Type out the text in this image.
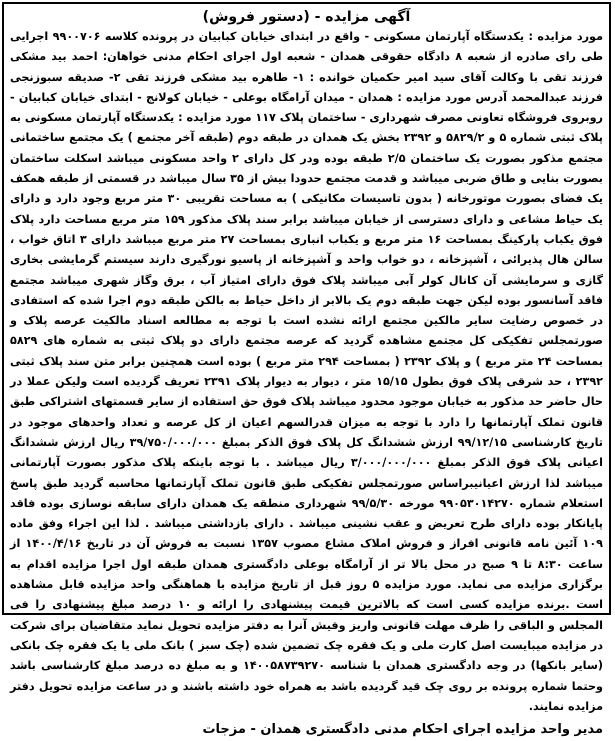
آگهی مزایده - (دستور فروش)

مورد مزایده : یکدستگاه آپارتمان مسکونی - واقع در ابتدای خیابان کبابیان در پرونده کلاسه ۹۹۰۰۷۰۶ اجرایی طی رای صادره از شعبه ۸ دادگاه حقوقی همدان - شعبه اول اجرای احکام مدنی خواهان: احمد بید مشکی فرزند تقی با وکالت آقای سید امیر حکمیان خوانده : ۱- طاهره بید مشکی فرزند تقی ۲- صدیقه سبوزنجی فرزند عبدالمحمد آدرس مورد مزایده : همدان - میدان آرامگاه بوعلی - خیابان کولانج - ابتدای خیابان کبابیان - روبروی فروشگاه تعاونی مصرف شهرداری - ساختمان پلاک ۱۱۷ مورد مزایده : یکدستگاه آپارتمان مسکونی به پلاک ثبتی شماره ۵ و ۵۸۲۹/۲ و ۲۳۹۲ بخش یک همدان در طبقه دوم (طبقه آخر مجتمع ) یک مجتمع ساختمانی مجتمع مذکور بصورت یک ساختمان ۲/۵ طبقه بوده ودر کل دارای ۲ واحد مسکونی میباشد اسکلت ساختمان بصورت بنایی و طاق ضربی میباشد و قدمت مجتمع حدودا بیش از ۳۵ سال میباشد در قسمتی از طبقه همکف یک فضای بصورت موتورخانه ( بدون تاسیسات مکانیکی ) به مساحت تقریبی ۳۰ متر مربع وجود دارد و دارای یک حیاط مشاعی و دارای دسترسی از خیابان میباشد برابر سند پلاک مذکور ۱۵۹ متر مربع مساحت دارد پلاک فوق یکباب پارکینگ بمساحت ۱۶ متر مربع و یکباب انباری بمساحت ۲۷ متر مربع میباشد دارای ۳ اتاق خواب ، سالن هال پذیرائی ، آشپزخانه ، دو خواب واحد و آشپزخانه از پاسیو نورگیری دارند سیستم گرمایشی بخاری گازی و سرمایشی آن کانال کولر آبی میباشد پلاک فوق دارای امتیاز آب ، برق وگاز شهری میباشد مجتمع فاقد آسانسور بوده لیکن جهت طبقه دوم یک بالابر از داخل حیاط به بالکن طبقه دوم اجرا شده که استفادی در خصوص رضایت سایر مالکین مجتمع ارائه نشده است با توجه به مطالعه اسناد مالکیت عرصه پلاک و صورتمجلس تفکیکی کل مجتمع مشاهده گردید که عرصه مجتمع دارای دو پلاک ثبتی به شماره های ۵۸۲۹ بمساحت ۲۴ متر مربع ) و پلاک ۲۳۹۲ ( بمساحت ۲۹۴ متر مربع ) بوده است همچنین برابر متن سند پلاک ثبتی ۲۳۹۲ ، حد شرقی پلاک فوق بطول ۱۵/۱۵ متر ، دیوار به دیوار پلاک ۲۳۹۱ تعریف گردیده است ولیکن عملا در حال حاضر حد مذکور به خیابان موجود محدود میباشد پلاک فوق حق استفاده از سایر قسمتهای اشتراکی طبق قانون تملک آپارتمانها را دارد با توجه به میزان قدرالسهم اعیان از کل عرصه و تعداد واحدهای موجود در تاریخ کارشناسی ۹۹/۱۲/۱۵ ارزش ششدانگ کل پلاک فوق الذکر بمبلغ ۳۹/۷۵۰/۰۰۰/۰۰۰ ریال ارزش ششدانگ اعیانی پلاک فوق الذکر بمبلغ ۳/۰۰۰/۰۰۰/۰۰۰ ریال میباشد . با توجه باینکه پلاک مذکور بصورت آپارتمانی میباشد لذا ارزش اعیانیبراساس صورتمجلس تفکیکی طبق قانون تملک آپارتمانها محاسبه گردید طبق پاسخ استعلام شماره ۹۹۰۵۳۰۱۴۲۷۰ مورخه ۹۹/۵/۳۰ شهرداری منطقه یک همدان دارای سابقه نوسازی بوده فاقد پایانکار بوده دارای طرح تعریض و عقب نشینی میباشد . دارای بازداشتی میباشد . لذا این اجراء وفق ماده ۱۰۹ آئین نامه قانونی افراز و فروش املاک مشاع مصوب ۱۳۵۷ نسبت به فروش آن در تاریخ ۱۴۰۰/۴/۱۶ از ساعت ۸:۳۰ تا ۹ صبح در محل بالا تر از آرامگاه بوعلی دادگستری همدان طبقه اول اجرا مزایده اقدام به برگزاری مزایده می نماید. مورد مزایده ۵ روز قبل از تاریخ مزایده با هماهنگی واحد مزایده قابل مشاهده است .برنده مزایده کسی است که بالاترین قیمت پیشنهادی را ارائه و ۱۰ درصد مبلغ پیشنهادی را فی المجلس و الباقی را ظرف مهلت قانونی واریز وفیش آنرا به دفتر مزایده تحویل نماید متقاضیان برای شرکت در مزایده میبایست اصل کارت ملی و یک فقره چک تضمین شده (چک سبز ) بانک ملی یا یک فقره چک بانکی (سایر بانکها) در وجه دادگستری همدان با شناسه ۱۴۰۰۵۸۷۳۹۲۷۰ و به مبلغ ده درصد مبلغ کارشناسی باشد وحتما شماره پرونده بر روی چک قید گردیده باشد به همراه خود داشته باشند و در ساعت مزایده تحویل دفتر مزایده نمایند.

مدیر واحد مزایده اجرای احکام مدنی دادگستری همدان - مزجات
